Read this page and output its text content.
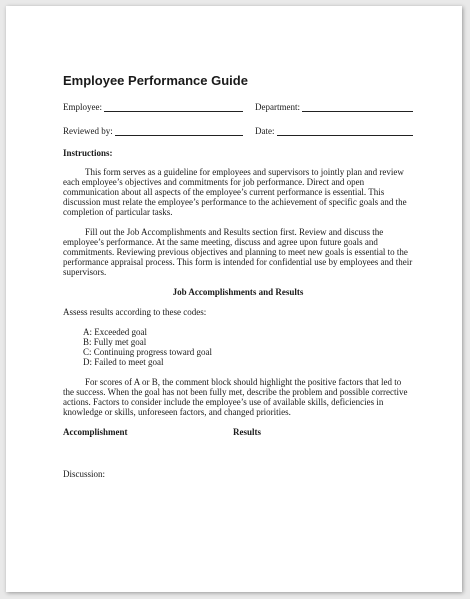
Employee Performance Guide
Employee:	Department:
Reviewed by:	Date:
Instructions:

This form serves as a guideline for employees and supervisors to jointly plan and review each employee’s objectives and commitments for job performance. Direct and open communication about all aspects of the employee’s current performance is essential. This discussion must relate the employee’s performance to the achievement of specific goals and the completion of particular tasks.

Fill out the Job Accomplishments and Results section first. Review and discuss the employee’s performance. At the same meeting, discuss and agree upon future goals and commitments. Reviewing previous objectives and planning to meet new goals is essential to the performance appraisal process. This form is intended for confidential use by employees and their supervisors.

Job Accomplishments and Results

Assess results according to these codes:

A: Exceeded goal
B: Fully met goal
C: Continuing progress toward goal
D: Failed to meet goal

For scores of A or B, the comment block should highlight the positive factors that led to the success. When the goal has not been fully met, describe the problem and possible corrective actions. Factors to consider include the employee’s use of available skills, deficiencies in knowledge or skills, unforeseen factors, and changed priorities.

Accomplishment	Results
Discussion:
